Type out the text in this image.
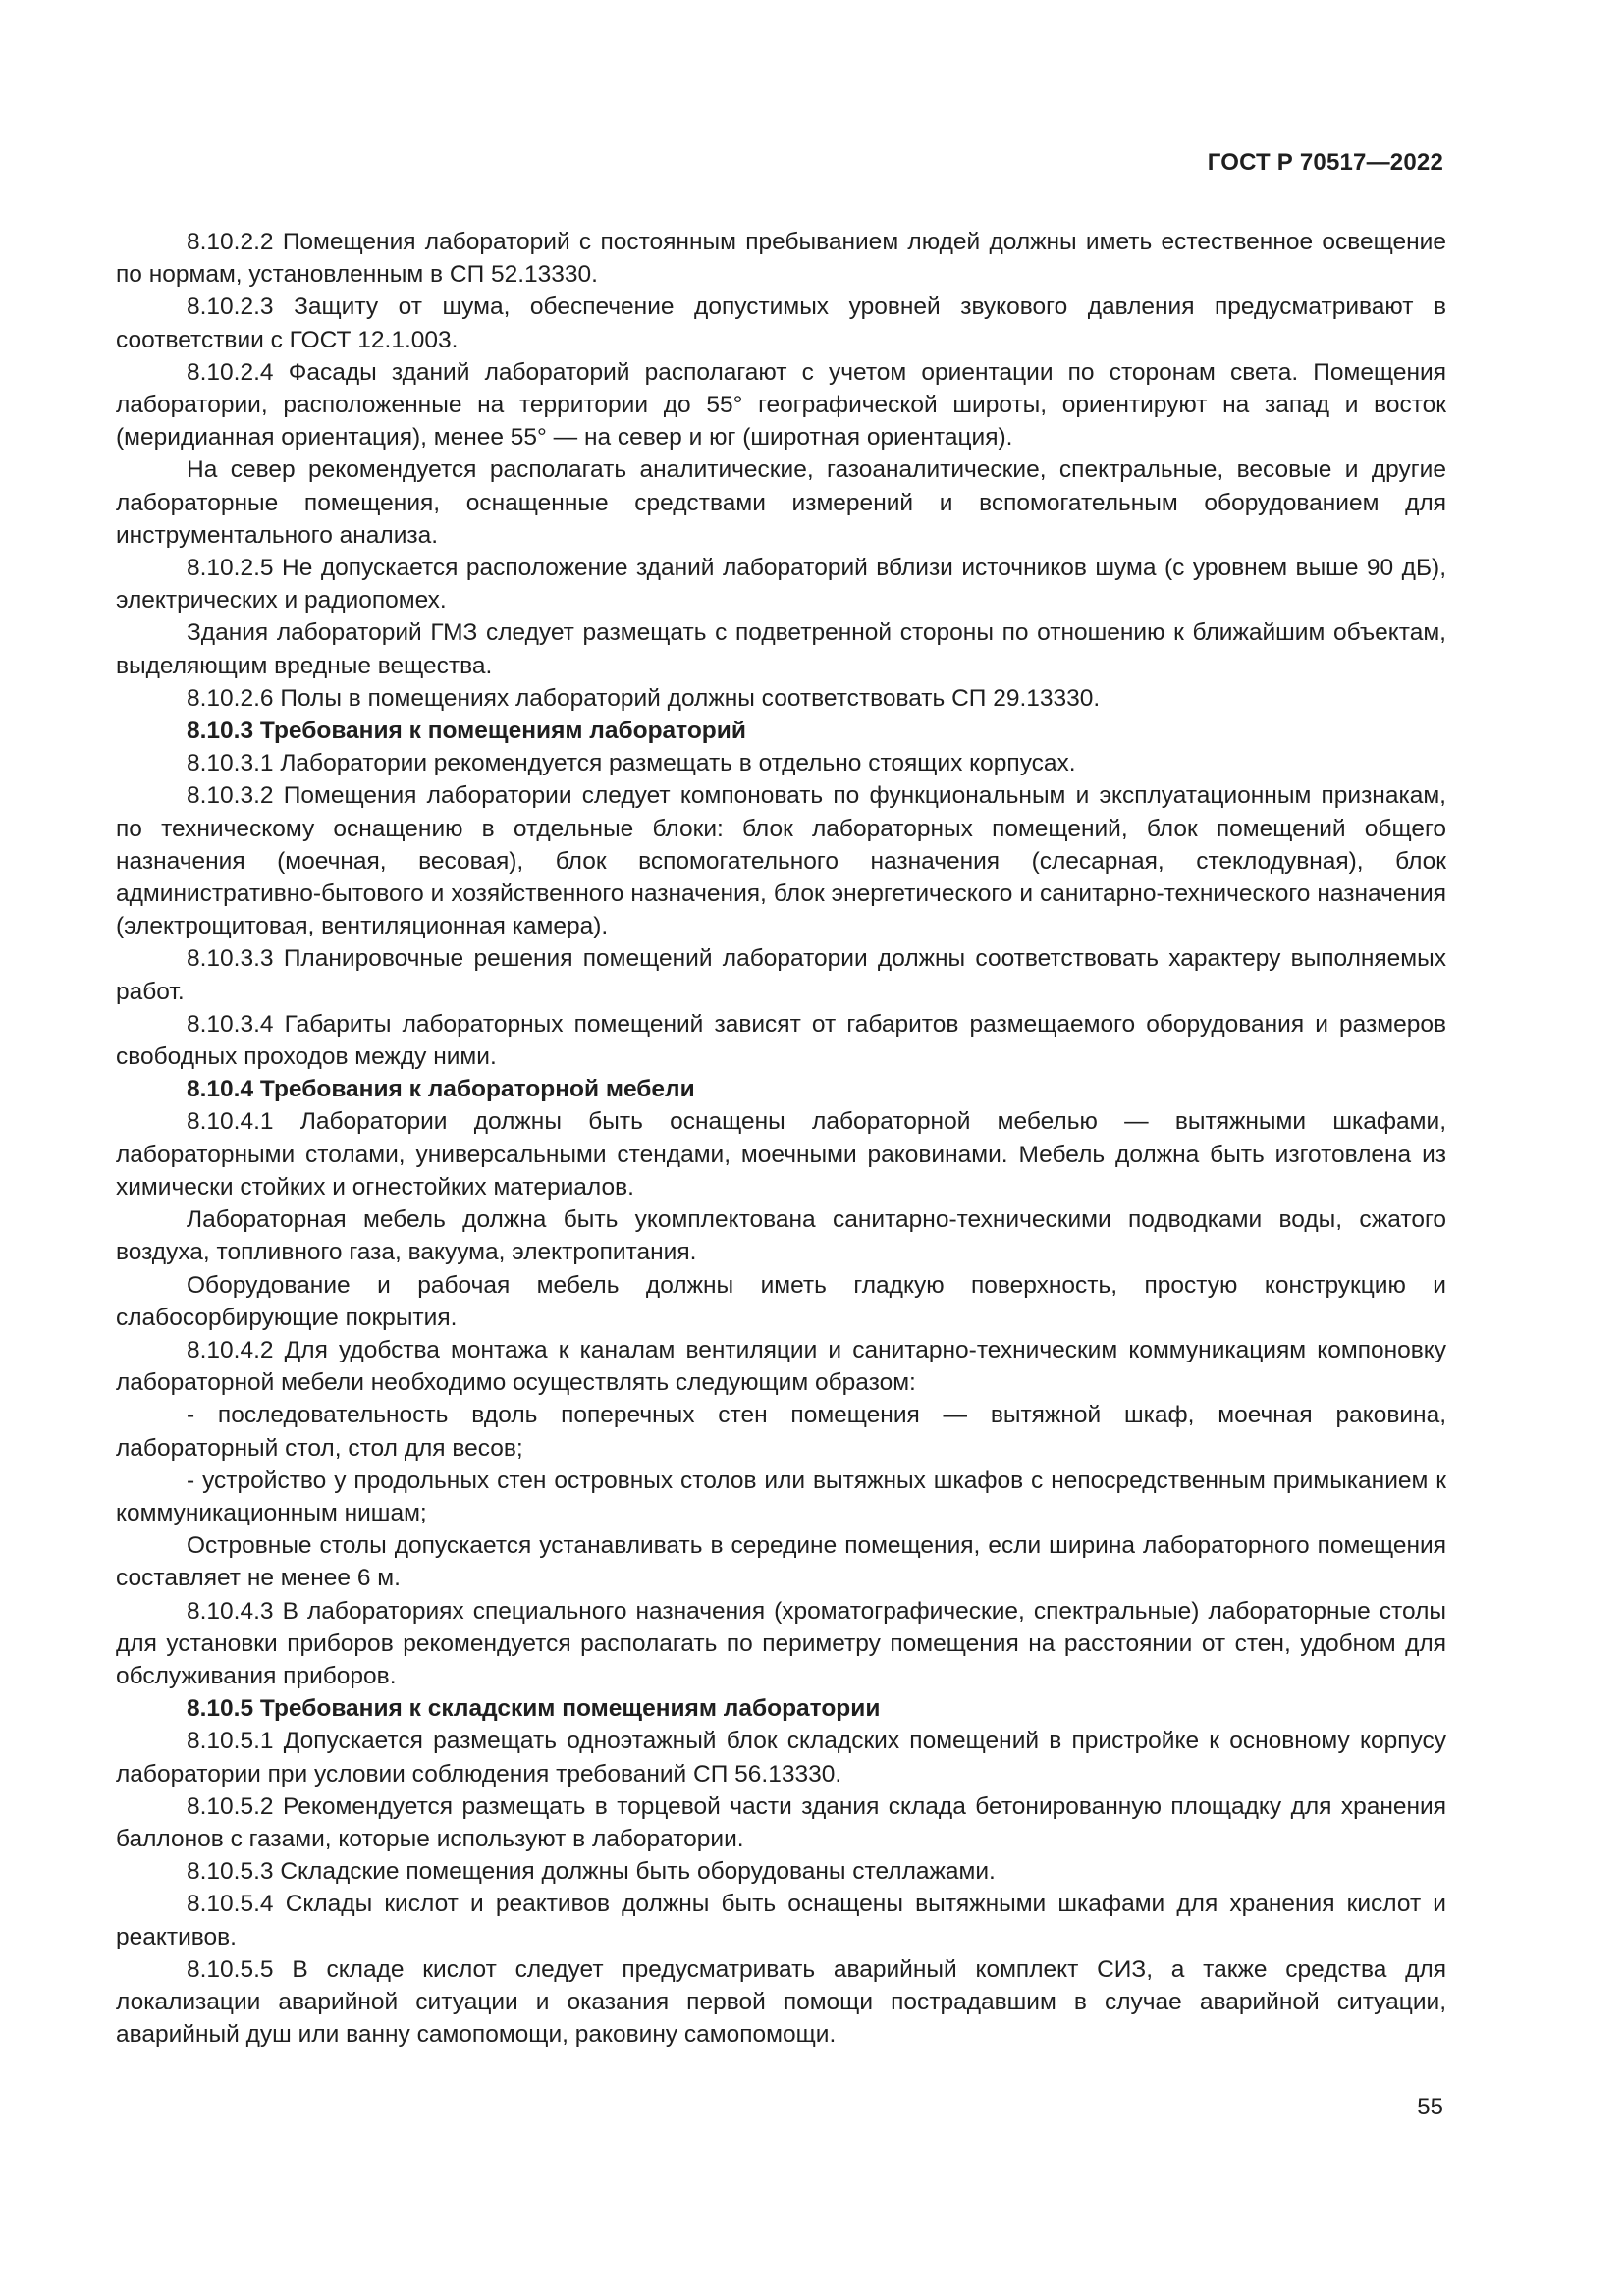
ГОСТ Р 70517—2022

8.10.2.2 Помещения лабораторий с постоянным пребыванием людей должны иметь естественное освещение по нормам, установленным в СП 52.13330.

8.10.2.3 Защиту от шума, обеспечение допустимых уровней звукового давления предусматривают в соответствии с ГОСТ 12.1.003.

8.10.2.4 Фасады зданий лабораторий располагают с учетом ориентации по сторонам света. Помещения лаборатории, расположенные на территории до 55° географической широты, ориентируют на запад и восток (меридианная ориентация), менее 55° — на север и юг (широтная ориентация).

На север рекомендуется располагать аналитические, газоаналитические, спектральные, весовые и другие лабораторные помещения, оснащенные средствами измерений и вспомогательным оборудованием для инструментального анализа.

8.10.2.5 Не допускается расположение зданий лабораторий вблизи источников шума (с уровнем выше 90 дБ), электрических и радиопомех.

Здания лабораторий ГМЗ следует размещать с подветренной стороны по отношению к ближайшим объектам, выделяющим вредные вещества.

8.10.2.6 Полы в помещениях лабораторий должны соответствовать СП 29.13330.

8.10.3 Требования к помещениям лабораторий

8.10.3.1 Лаборатории рекомендуется размещать в отдельно стоящих корпусах.

8.10.3.2 Помещения лаборатории следует компоновать по функциональным и эксплуатационным признакам, по техническому оснащению в отдельные блоки: блок лабораторных помещений, блок помещений общего назначения (моечная, весовая), блок вспомогательного назначения (слесарная, стеклодувная), блок административно-бытового и хозяйственного назначения, блок энергетического и санитарно-технического назначения (электрощитовая, вентиляционная камера).

8.10.3.3 Планировочные решения помещений лаборатории должны соответствовать характеру выполняемых работ.

8.10.3.4 Габариты лабораторных помещений зависят от габаритов размещаемого оборудования и размеров свободных проходов между ними.

8.10.4 Требования к лабораторной мебели

8.10.4.1 Лаборатории должны быть оснащены лабораторной мебелью — вытяжными шкафами, лабораторными столами, универсальными стендами, моечными раковинами. Мебель должна быть изготовлена из химически стойких и огнестойких материалов.

Лабораторная мебель должна быть укомплектована санитарно-техническими подводками воды, сжатого воздуха, топливного газа, вакуума, электропитания.

Оборудование и рабочая мебель должны иметь гладкую поверхность, простую конструкцию и слабосорбирующие покрытия.

8.10.4.2 Для удобства монтажа к каналам вентиляции и санитарно-техническим коммуникациям компоновку лабораторной мебели необходимо осуществлять следующим образом:

- последовательность вдоль поперечных стен помещения — вытяжной шкаф, моечная раковина, лабораторный стол, стол для весов;

- устройство у продольных стен островных столов или вытяжных шкафов с непосредственным примыканием к коммуникационным нишам;

Островные столы допускается устанавливать в середине помещения, если ширина лабораторного помещения составляет не менее 6 м.

8.10.4.3 В лабораториях специального назначения (хроматографические, спектральные) лабораторные столы для установки приборов рекомендуется располагать по периметру помещения на расстоянии от стен, удобном для обслуживания приборов.

8.10.5 Требования к складским помещениям лаборатории

8.10.5.1 Допускается размещать одноэтажный блок складских помещений в пристройке к основному корпусу лаборатории при условии соблюдения требований СП 56.13330.

8.10.5.2 Рекомендуется размещать в торцевой части здания склада бетонированную площадку для хранения баллонов с газами, которые используют в лаборатории.

8.10.5.3 Складские помещения должны быть оборудованы стеллажами.

8.10.5.4 Склады кислот и реактивов должны быть оснащены вытяжными шкафами для хранения кислот и реактивов.

8.10.5.5 В складе кислот следует предусматривать аварийный комплект СИЗ, а также средства для локализации аварийной ситуации и оказания первой помощи пострадавшим в случае аварийной ситуации, аварийный душ или ванну самопомощи, раковину самопомощи.

55
